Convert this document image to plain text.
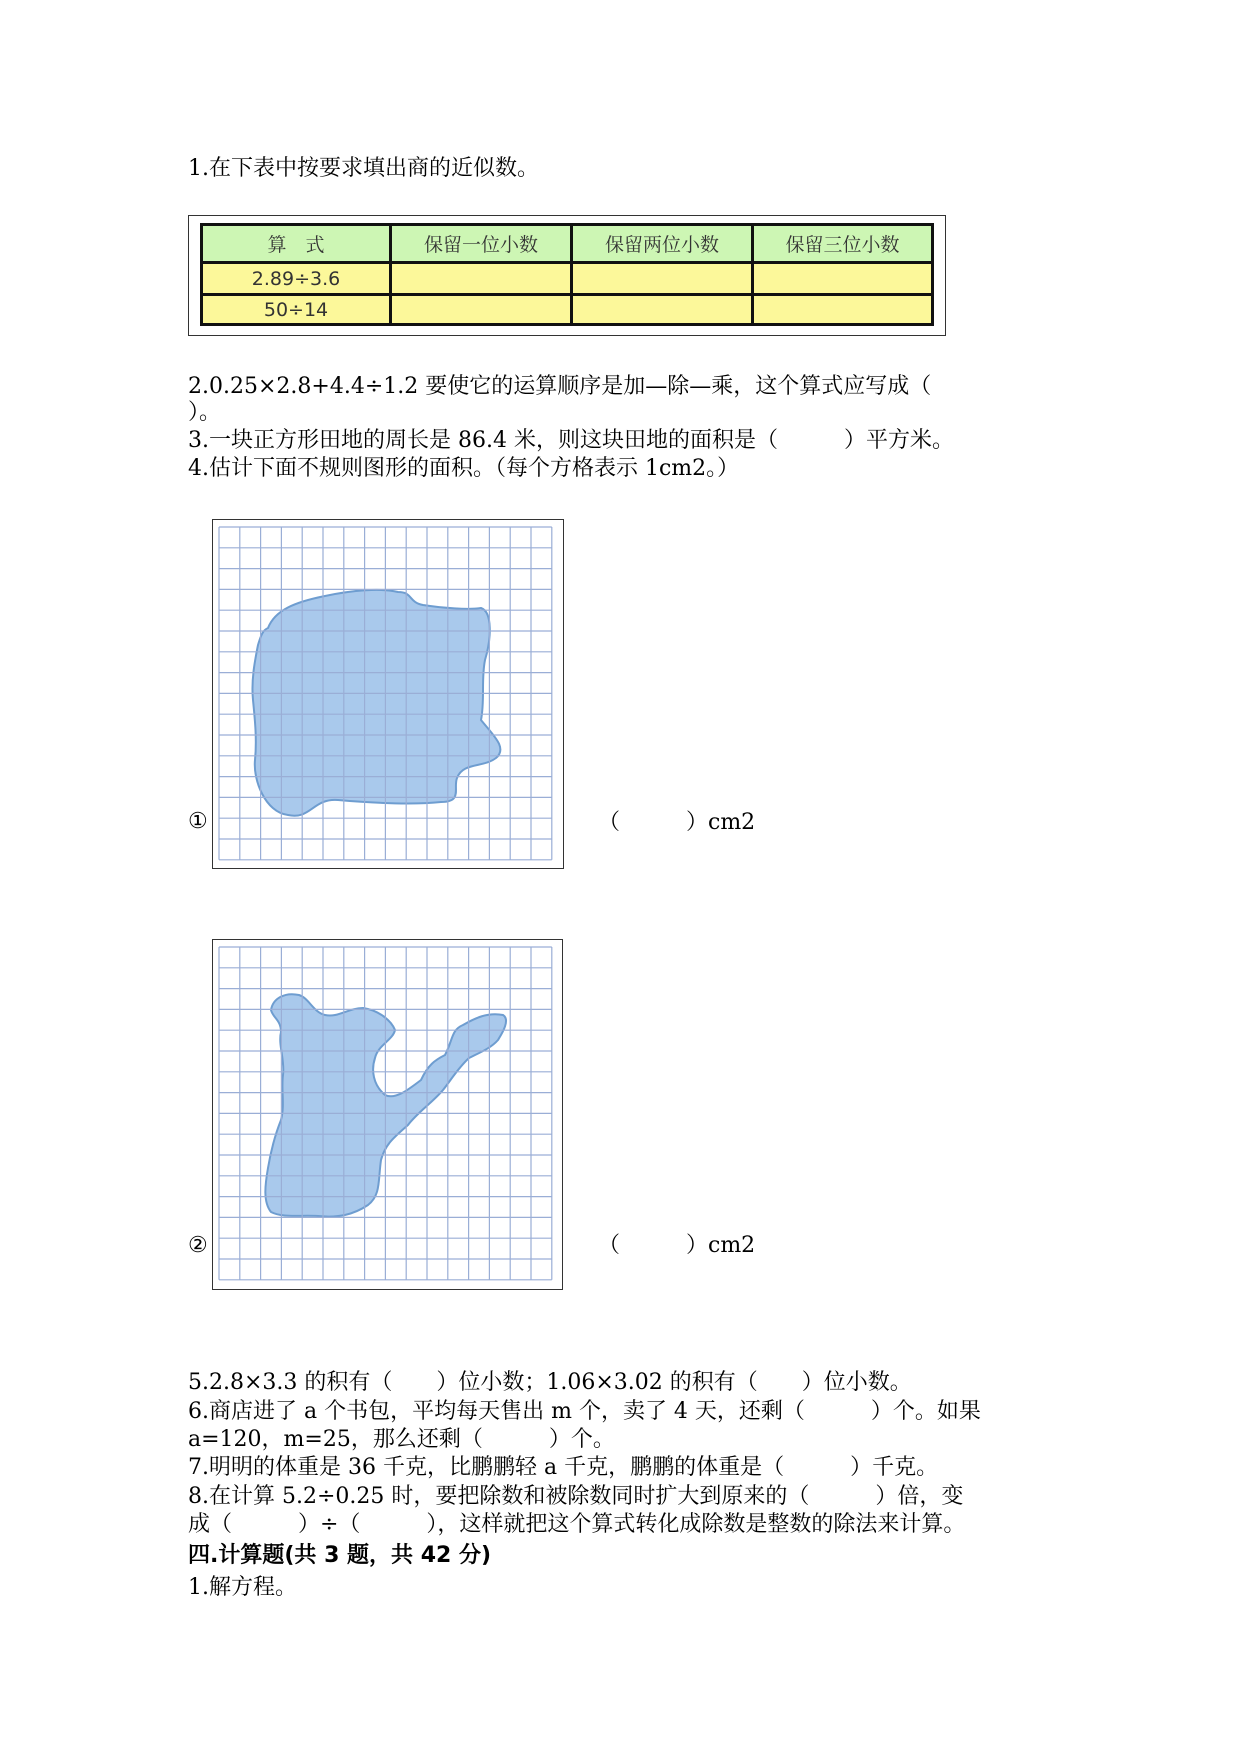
1.在下表中按要求填出商的近似数。
算　式	保留一位小数	保留两位小数	保留三位小数
2.89÷3.6
50÷14
2.0.25×2.8+4.4÷1.2 要使它的运算顺序是加—除—乘，这个算式应写成（
）。
3.一块正方形田地的周长是 86.4 米，则这块田地的面积是（　　　）平方米。
4.估计下面不规则图形的面积。（每个方格表示 1cm2。）
①	（　　　）cm2
②	（　　　）cm2
5.2.8×3.3 的积有（　　）位小数；1.06×3.02 的积有（　　）位小数。
6.商店进了 a 个书包，平均每天售出 m 个，卖了 4 天，还剩（　　　）个。如果
a=120，m=25，那么还剩（　　　）个。
7.明明的体重是 36 千克，比鹏鹏轻 a 千克，鹏鹏的体重是（　　　）千克。
8.在计算 5.2÷0.25 时，要把除数和被除数同时扩大到原来的（　　　）倍，变
成（　　　）÷（　　　），这样就把这个算式转化成除数是整数的除法来计算。
四.计算题(共 3 题，共 42 分)
1.解方程。
